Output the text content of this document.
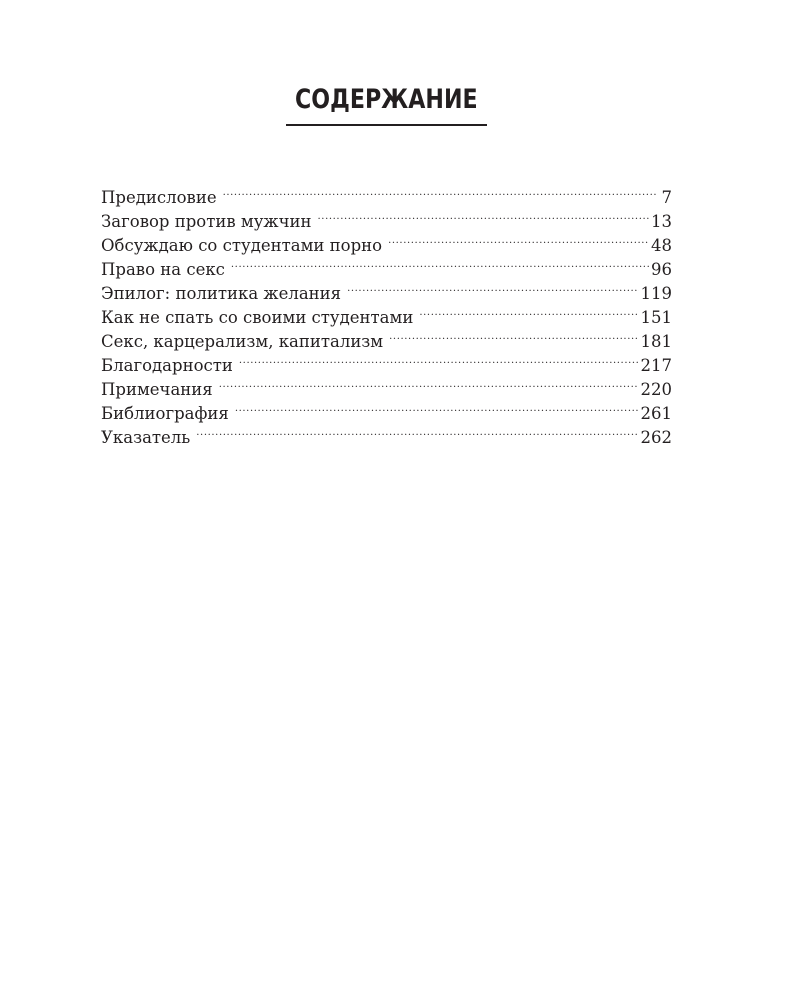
СОДЕРЖАНИЕ
Предисловие .....	7
Заговор против мужчин .....	13
Обсуждаю со студентами порно .....	48
Право на секс .....	96
Эпилог: политика желания .....	119
Как не спать со своими студентами .....	151
Секс, карцерализм, капитализм .....	181
Благодарности .....	217
Примечания .....	220
Библиография .....	261
Указатель .....	262
